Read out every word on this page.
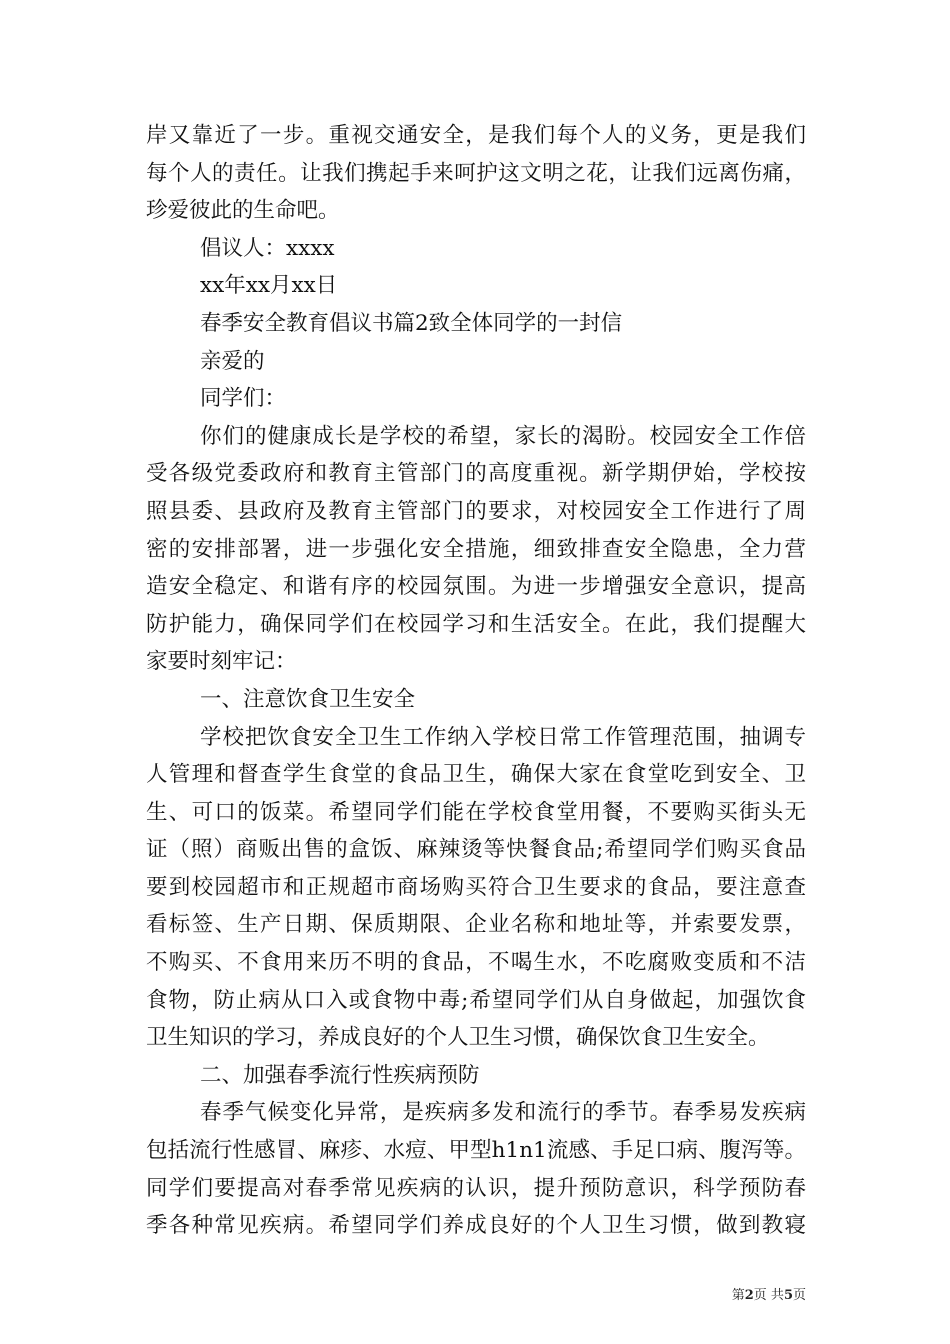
岸又靠近了一步。重视交通安全，是我们每个人的义务，更是我们
每个人的责任。让我们携起手来呵护这文明之花，让我们远离伤痛，
珍爱彼此的生命吧。
倡议人：xxxx
xx年xx月xx日
春季安全教育倡议书篇2致全体同学的一封信
亲爱的
同学们：
你们的健康成长是学校的希望，家长的渴盼。校园安全工作倍
受各级党委政府和教育主管部门的高度重视。新学期伊始，学校按
照县委、县政府及教育主管部门的要求，对校园安全工作进行了周
密的安排部署，进一步强化安全措施，细致排查安全隐患，全力营
造安全稳定、和谐有序的校园氛围。为进一步增强安全意识，提高
防护能力，确保同学们在校园学习和生活安全。在此，我们提醒大
家要时刻牢记：
一、注意饮食卫生安全
学校把饮食安全卫生工作纳入学校日常工作管理范围，抽调专
人管理和督查学生食堂的食品卫生，确保大家在食堂吃到安全、卫
生、可口的饭菜。希望同学们能在学校食堂用餐，不要购买街头无
证（照）商贩出售的盒饭、麻辣烫等快餐食品;希望同学们购买食品
要到校园超市和正规超市商场购买符合卫生要求的食品，要注意查
看标签、生产日期、保质期限、企业名称和地址等，并索要发票，
不购买、不食用来历不明的食品，不喝生水，不吃腐败变质和不洁
食物，防止病从口入或食物中毒;希望同学们从自身做起，加强饮食
卫生知识的学习，养成良好的个人卫生习惯，确保饮食卫生安全。
二、加强春季流行性疾病预防
春季气候变化异常，是疾病多发和流行的季节。春季易发疾病
包括流行性感冒、麻疹、水痘、甲型h1n1流感、手足口病、腹泻等。
同学们要提高对春季常见疾病的认识，提升预防意识，科学预防春
季各种常见疾病。希望同学们养成良好的个人卫生习惯，做到教寝
第2页 共5页
